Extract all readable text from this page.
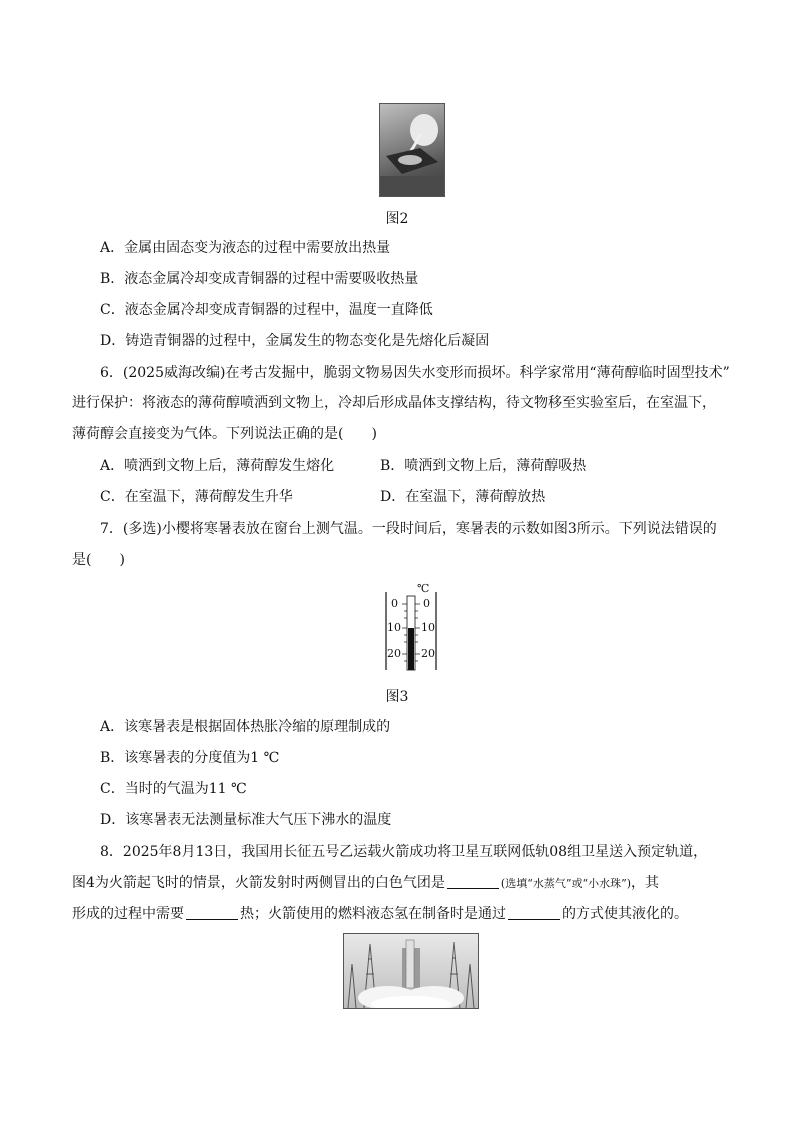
图2
A．金属由固态变为液态的过程中需要放出热量
B．液态金属冷却变成青铜器的过程中需要吸收热量
C．液态金属冷却变成青铜器的过程中，温度一直降低
D．铸造青铜器的过程中，金属发生的物态变化是先熔化后凝固
6．(2025威海改编)在考古发掘中，脆弱文物易因失水变形而损坏。科学家常用“薄荷醇临时固型技术”
进行保护：将液态的薄荷醇喷洒到文物上，冷却后形成晶体支撑结构，待文物移至实验室后，在室温下，
薄荷醇会直接变为气体。下列说法正确的是(　　)
A．喷洒到文物上后，薄荷醇发生熔化	B．喷洒到文物上后，薄荷醇吸热
C．在室温下，薄荷醇发生升华	D．在室温下，薄荷醇放热
7．(多选)小樱将寒暑表放在窗台上测气温。一段时间后，寒暑表的示数如图3所示。下列说法错误的
是(　　)
℃
0 0
10 10
20 20
图3
A．该寒暑表是根据固体热胀冷缩的原理制成的
B．该寒暑表的分度值为1 ℃
C．当时的气温为11 ℃
D．该寒暑表无法测量标准大气压下沸水的温度
8．2025年8月13日，我国用长征五号乙运载火箭成功将卫星互联网低轨08组卫星送入预定轨道，
图4为火箭起飞时的情景，火箭发射时两侧冒出的白色气团是	(选填“水蒸气”或“小水珠”)，其
形成的过程中需要	热；火箭使用的燃料液态氢在制备时是通过	的方式使其液化的。
